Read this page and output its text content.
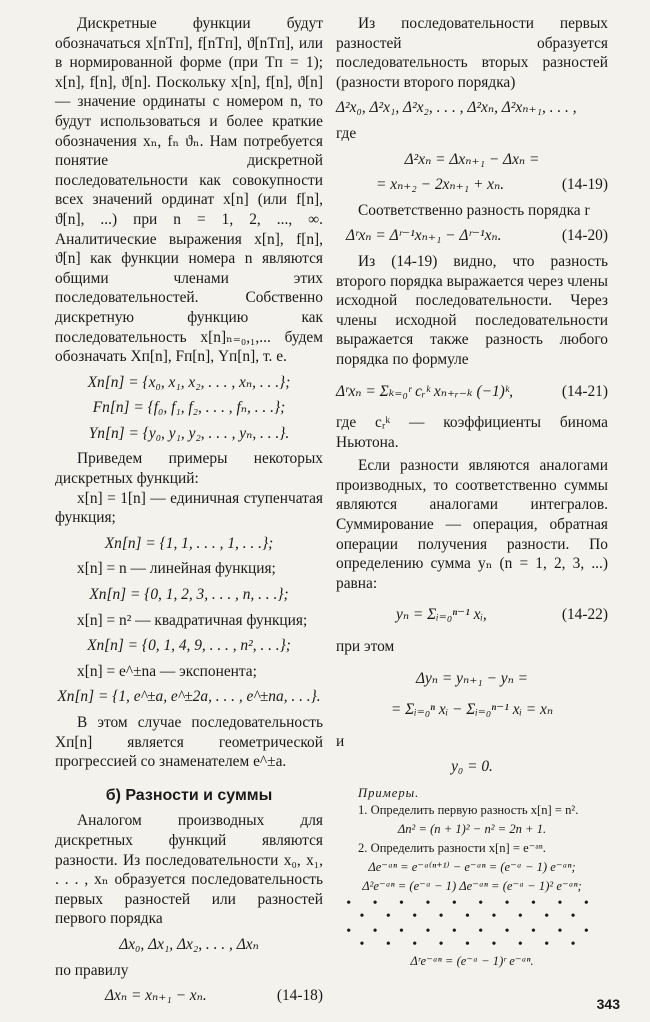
Дискретные функции будут обозначаться x[nTп], f[nTп], ϑ[nTп], или в нормированной форме (при Tп = 1); x[n], f[n], ϑ[n]. Поскольку x[n], f[n], ϑ[n] — значение ординаты с номером n, то будут использоваться и более краткие обозначения xₙ, fₙ ϑₙ. Нам потребуется понятие дискретной последовательности как совокупности всех значений ординат x[n] (или f[n], ϑ[n], ...) при n = 1, 2, ..., ∞. Аналитические выражения x[n], f[n], ϑ[n] как функции номера n являются общими членами этих последовательностей. Собственно дискретную функцию как последовательность x[n]ₙ₌₀,₁,... будем обозначать Xп[n], Fп[n], Yп[n], т. е.

Xп[n] = {x₀, x₁, x₂, . . . , xₙ, . . .};
Fп[n] = {f₀, f₁, f₂, . . . , fₙ, . . .};
Yп[n] = {y₀, y₁, y₂, . . . , yₙ, . . .}.

Приведем примеры некоторых дискретных функций:

x[n] = 1[n] — единичная ступенчатая функция;

Xп[n] = {1, 1, . . . , 1, . . .};

x[n] = n — линейная функция;

Xп[n] = {0, 1, 2, 3, . . . , n, . . .};

x[n] = n² — квадратичная функция;

Xп[n] = {0, 1, 4, 9, . . . , n², . . .};

x[n] = e^±na — экспонента;

Xп[n] = {1, e^±a, e^±2a, . . . , e^±na, . . .}.

В этом случае последовательность Xп[n] является геометрической прогрессией со знаменателем e^±a.

б) Разности и суммы

Аналогом производных для дискретных функций являются разности. Из последовательности x₀, x₁, . . . , xₙ образуется последовательность первых разностей или разностей первого порядка

Δx₀, Δx₁, Δx₂, . . . , Δxₙ

по правилу

Δxₙ = xₙ₊₁ − xₙ.	(14-18)

Из последовательности первых разностей образуется последовательность вторых разностей (разности второго порядка)

Δ²x₀, Δ²x₁, Δ²x₂, . . . , Δ²xₙ, Δ²xₙ₊₁, . . . ,

где

Δ²xₙ = Δxₙ₊₁ − Δxₙ =
= xₙ₊₂ − 2xₙ₊₁ + xₙ.	(14-19)

Соответственно разность порядка r

Δʳxₙ = Δʳ⁻¹xₙ₊₁ − Δʳ⁻¹xₙ.	(14-20)

Из (14-19) видно, что разность второго порядка выражается через члены исходной последовательности. Через члены исходной последовательности выражается также разность любого порядка по формуле

Δʳxₙ = Σₖ₌₀ʳ cᵣᵏ xₙ₊ᵣ₋ₖ (−1)ᵏ,	(14-21)

где cᵣᵏ — коэффициенты бинома Ньютона.

Если разности являются аналогами производных, то соответственно суммы являются аналогами интегралов. Суммирование — операция, обратная операции получения разности. По определению сумма yₙ (n = 1, 2, 3, ...) равна:

yₙ = Σᵢ₌₀ⁿ⁻¹ xᵢ,	(14-22)

при этом

Δyₙ = yₙ₊₁ − yₙ =
= Σᵢ₌₀ⁿ xᵢ − Σᵢ₌₀ⁿ⁻¹ xᵢ = xₙ

и

y₀ = 0.

Примеры.

1. Определить первую разность x[n] = n².

Δn² = (n + 1)² − n² = 2n + 1.

2. Определить разности x[n] = e⁻ᵃⁿ.

Δe⁻ᵃⁿ = e⁻ᵃ⁽ⁿ⁺¹⁾ − e⁻ᵃⁿ = (e⁻ᵃ − 1) e⁻ᵃⁿ;
Δ²e⁻ᵃⁿ = (e⁻ᵃ − 1) Δe⁻ᵃⁿ = (e⁻ᵃ − 1)² e⁻ᵃⁿ;
• • • • • • • • • • • • • • • • • • •
• • • • • • • • • • • • • • • • • • •
Δʳe⁻ᵃⁿ = (e⁻ᵃ − 1)ʳ e⁻ᵃⁿ.
343
